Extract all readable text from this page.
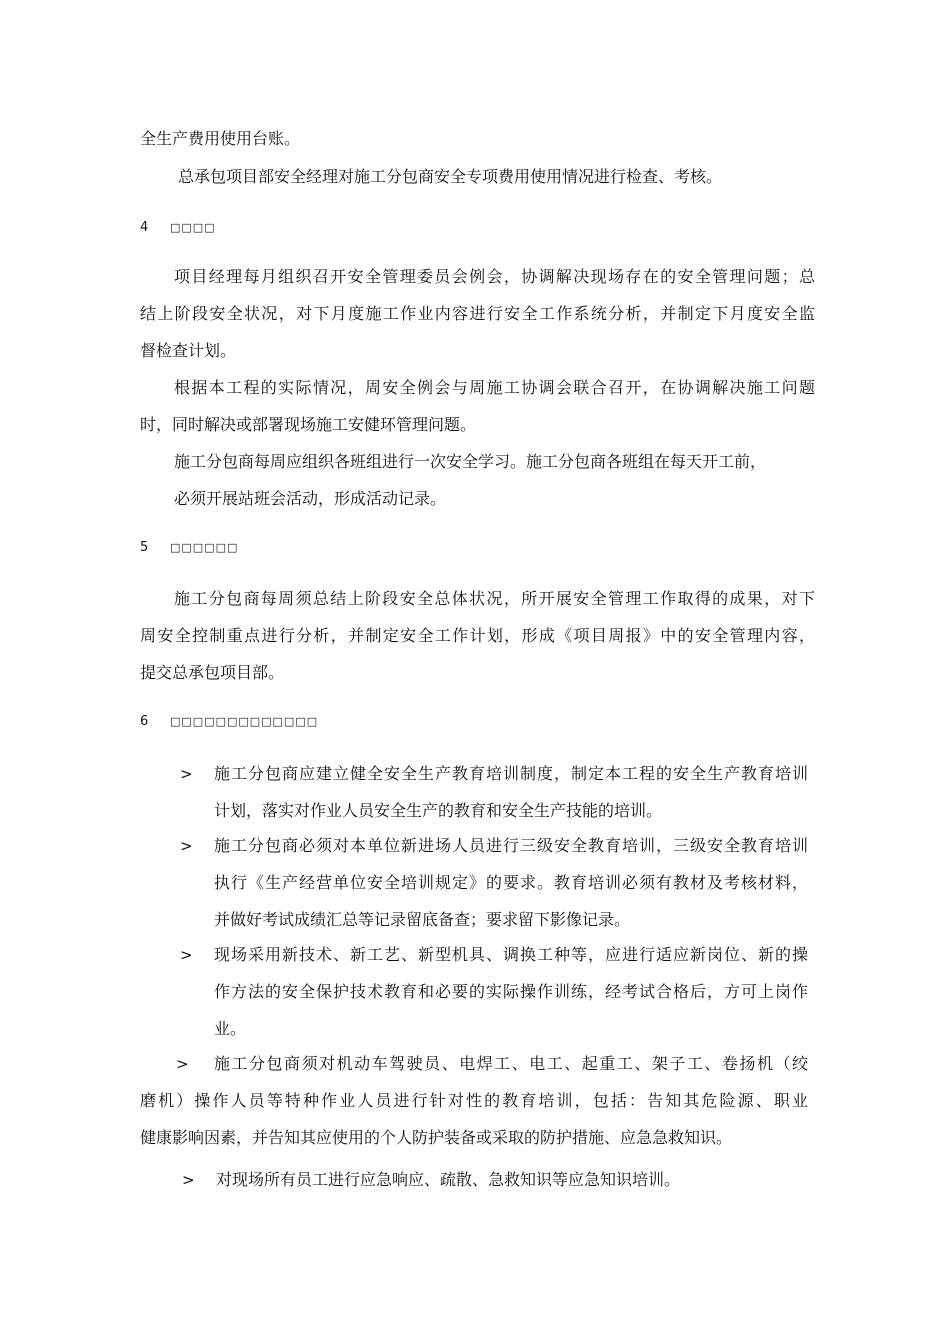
全生产费用使用台账。

总承包项目部安全经理对施工分包商安全专项费用使用情况进行检查、考核。

4 □□□□

项目经理每月组织召开安全管理委员会例会，协调解决现场存在的安全管理问题；总

结上阶段安全状况，对下月度施工作业内容进行安全工作系统分析，并制定下月度安全监

督检查计划。

根据本工程的实际情况，周安全例会与周施工协调会联合召开，在协调解决施工问题

时，同时解决或部署现场施工安健环管理问题。

施工分包商每周应组织各班组进行一次安全学习。施工分包商各班组在每天开工前，

必须开展站班会活动，形成活动记录。

5 □□□□□□

施工分包商每周须总结上阶段安全总体状况，所开展安全管理工作取得的成果，对下

周安全控制重点进行分析，并制定安全工作计划，形成《项目周报》中的安全管理内容，

提交总承包项目部。

6 □□□□□□□□□□□□□
> 施工分包商应建立健全安全生产教育培训制度，制定本工程的安全生产教育培训

计划，落实对作业人员安全生产的教育和安全生产技能的培训。

> 施工分包商必须对本单位新进场人员进行三级安全教育培训，三级安全教育培训

执行《生产经营单位安全培训规定》的要求。教育培训必须有教材及考核材料，

并做好考试成绩汇总等记录留底备查；要求留下影像记录。

> 现场采用新技术、新工艺、新型机具、调换工种等，应进行适应新岗位、新的操

作方法的安全保护技术教育和必要的实际操作训练，经考试合格后，方可上岗作

业。

>	施工分包商须对机动车驾驶员、电焊工、电工、起重工、架子工、卷扬机（绞

磨机）操作人员等特种作业人员进行针对性的教育培训，包括：告知其危险源、职业

健康影响因素，并告知其应使用的个人防护装备或采取的防护措施、应急急救知识。

> 对现场所有员工进行应急响应、疏散、急救知识等应急知识培训。
